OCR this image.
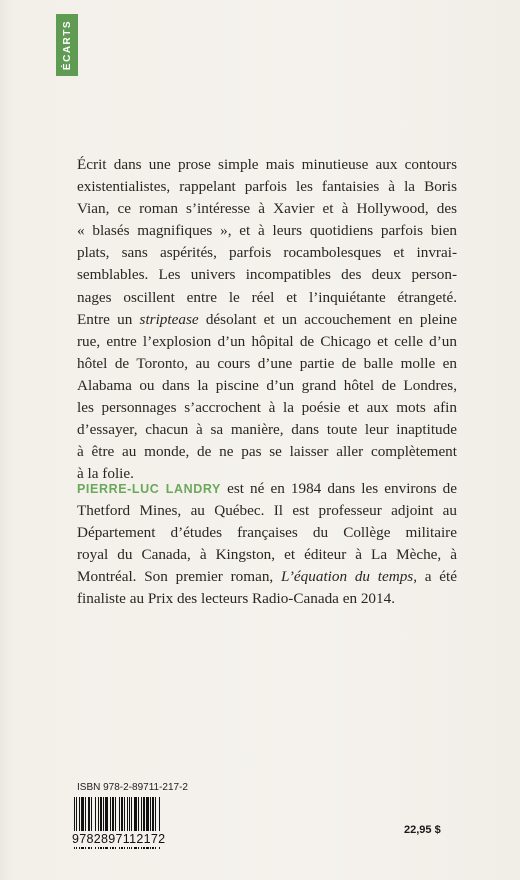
ÉCARTS
Écrit dans une prose simple mais minutieuse aux contours
existentialistes, rappelant parfois les fantaisies à la Boris
Vian, ce roman s’intéresse à Xavier et à Hollywood, des
« blasés magnifiques », et à leurs quotidiens parfois bien
plats, sans aspérités, parfois rocambolesques et invrai-
semblables. Les univers incompatibles des deux person-
nages oscillent entre le réel et l’inquiétante étrangeté.
Entre un striptease désolant et un accouchement en pleine
rue, entre l’explosion d’un hôpital de Chicago et celle d’un
hôtel de Toronto, au cours d’une partie de balle molle en
Alabama ou dans la piscine d’un grand hôtel de Londres,
les personnages s’accrochent à la poésie et aux mots afin
d’essayer, chacun à sa manière, dans toute leur inaptitude
à être au monde, de ne pas se laisser aller complètement
à la folie.
PIERRE-LUC LANDRY est né en 1984 dans les environs de
Thetford Mines, au Québec. Il est professeur adjoint au
Département d’études françaises du Collège militaire
royal du Canada, à Kingston, et éditeur à La Mèche, à
Montréal. Son premier roman, L’équation du temps, a été
finaliste au Prix des lecteurs Radio-Canada en 2014.
ISBN 978-2-89711-217-2
9782897112172
22,95 $
